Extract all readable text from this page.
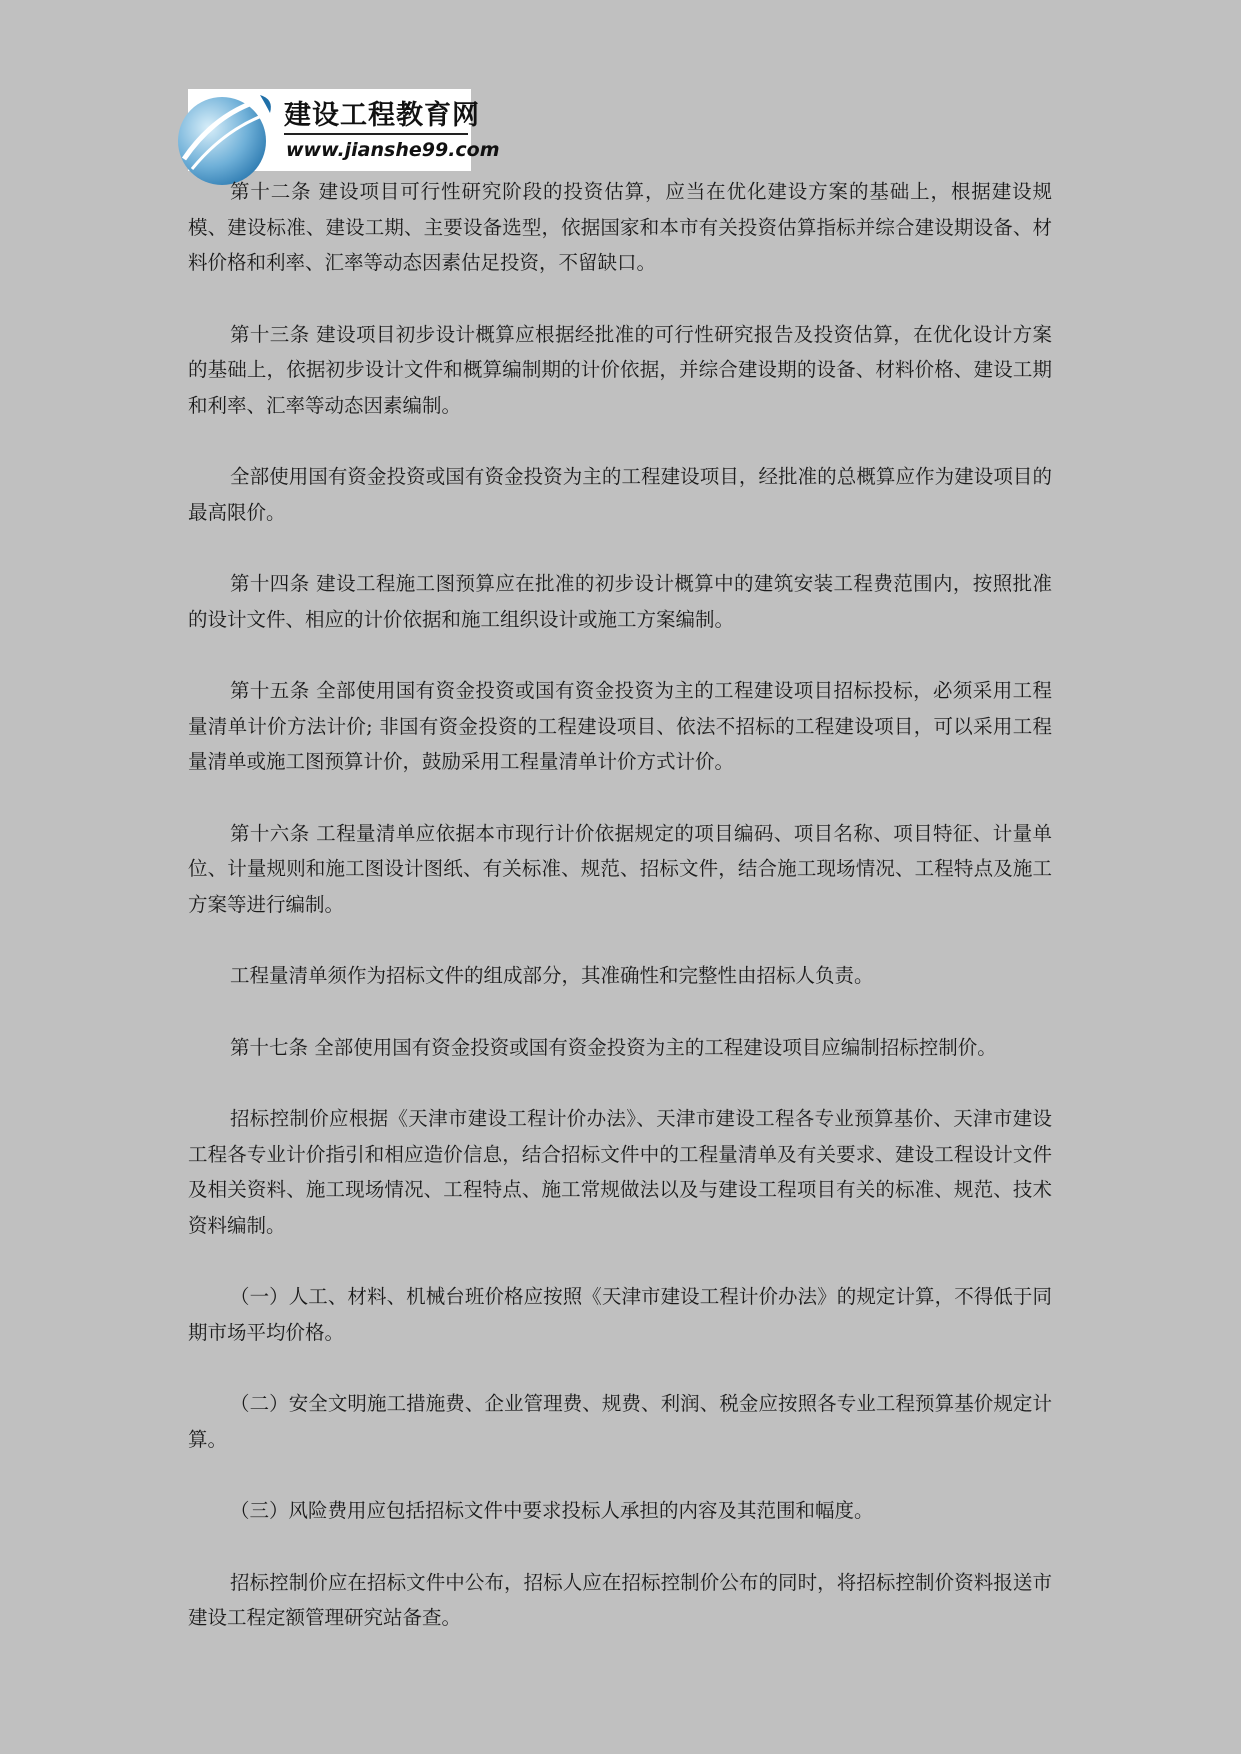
建设工程教育网
www.jianshe99.com

第十二条 建设项目可行性研究阶段的投资估算，应当在优化建设方案的基础上，根据建设规模、建设标准、建设工期、主要设备选型，依据国家和本市有关投资估算指标并综合建设期设备、材料价格和利率、汇率等动态因素估足投资，不留缺口。

第十三条 建设项目初步设计概算应根据经批准的可行性研究报告及投资估算，在优化设计方案的基础上，依据初步设计文件和概算编制期的计价依据，并综合建设期的设备、材料价格、建设工期和利率、汇率等动态因素编制。

全部使用国有资金投资或国有资金投资为主的工程建设项目，经批准的总概算应作为建设项目的最高限价。

第十四条 建设工程施工图预算应在批准的初步设计概算中的建筑安装工程费范围内，按照批准的设计文件、相应的计价依据和施工组织设计或施工方案编制。

第十五条 全部使用国有资金投资或国有资金投资为主的工程建设项目招标投标，必须采用工程量清单计价方法计价; 非国有资金投资的工程建设项目、依法不招标的工程建设项目，可以采用工程量清单或施工图预算计价，鼓励采用工程量清单计价方式计价。

第十六条 工程量清单应依据本市现行计价依据规定的项目编码、项目名称、项目特征、计量单位、计量规则和施工图设计图纸、有关标准、规范、招标文件，结合施工现场情况、工程特点及施工方案等进行编制。

工程量清单须作为招标文件的组成部分，其准确性和完整性由招标人负责。

第十七条 全部使用国有资金投资或国有资金投资为主的工程建设项目应编制招标控制价。

招标控制价应根据《天津市建设工程计价办法》、天津市建设工程各专业预算基价、天津市建设工程各专业计价指引和相应造价信息，结合招标文件中的工程量清单及有关要求、建设工程设计文件及相关资料、施工现场情况、工程特点、施工常规做法以及与建设工程项目有关的标准、规范、技术资料编制。

（一）人工、材料、机械台班价格应按照《天津市建设工程计价办法》的规定计算，不得低于同期市场平均价格。

（二）安全文明施工措施费、企业管理费、规费、利润、税金应按照各专业工程预算基价规定计算。

（三）风险费用应包括招标文件中要求投标人承担的内容及其范围和幅度。

招标控制价应在招标文件中公布，招标人应在招标控制价公布的同时，将招标控制价资料报送市建设工程定额管理研究站备查。
